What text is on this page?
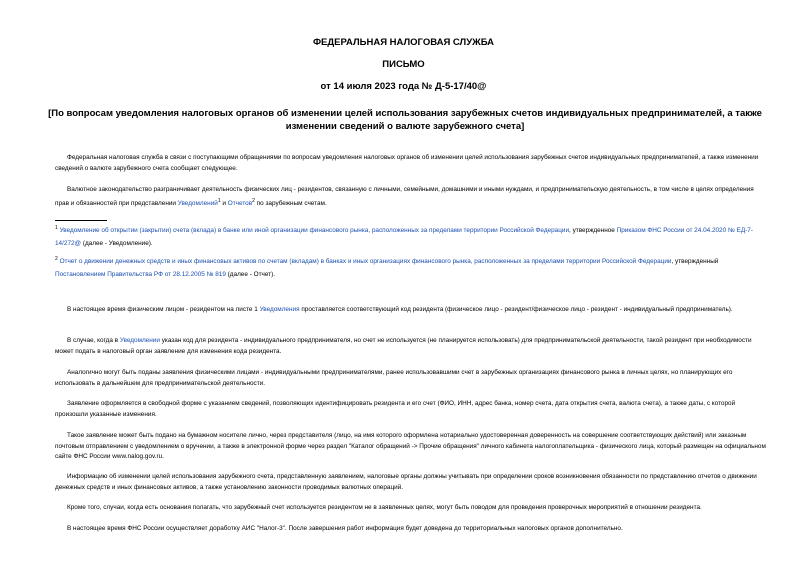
ФЕДЕРАЛЬНАЯ НАЛОГОВАЯ СЛУЖБА
ПИСЬМО
от 14 июля 2023 года № Д-5-17/40@
[По вопросам уведомления налоговых органов об изменении целей использования зарубежных счетов индивидуальных предпринимателей, а также изменении сведений о валюте зарубежного счета]
Федеральная налоговая служба в связи с поступающими обращениями по вопросам уведомления налоговых органов об изменении целей использования зарубежных счетов индивидуальных предпринимателей, а также изменении сведений о валюте зарубежного счета сообщает следующее.
Валютное законодательство разграничивает деятельность физических лиц - резидентов, связанную с личными, семейными, домашними и иными нуждами, и предпринимательскую деятельность, в том числе в целях определения прав и обязанностей при представлении Уведомлений$^1$ и Отчетов$^2$ по зарубежным счетам.
$^1$ Уведомление об открытии (закрытии) счета (вклада) в банке или иной организации финансового рынка, расположенных за пределами территории Российской Федерации, утвержденное Приказом ФНС России от 24.04.2020 № ЕД-7-14/272@ (далее - Уведомление).
$^2$ Отчет о движении денежных средств и иных финансовых активов по счетам (вкладам) в банках и иных организациях финансового рынка, расположенных за пределами территории Российской Федерации, утвержденный Постановлением Правительства РФ от 28.12.2005 № 819 (далее - Отчет).
В настоящее время физическим лицом - резидентом на листе 1 Уведомления проставляется соответствующий код резидента (физическое лицо - резидент/физическое лицо - резидент - индивидуальный предприниматель).
В случае, когда в Уведомлении указан код для резидента - индивидуального предпринимателя, но счет не используется (не планируется использовать) для предпринимательской деятельности, такой резидент при необходимости может подать в налоговый орган заявление для изменения кода резидента.
Аналогично могут быть поданы заявления физическими лицами - индивидуальными предпринимателями, ранее использовавшими счет в зарубежных организациях финансового рынка в личных целях, но планирующих его использовать в дальнейшем для предпринимательской деятельности.
Заявление оформляется в свободной форме с указанием сведений, позволяющих идентифицировать резидента и его счет (ФИО, ИНН, адрес банка, номер счета, дата открытия счета, валюта счета), а также даты, с которой произошли указанные изменения.
Такое заявление может быть подано на бумажном носителе лично, через представителя (лицо, на имя которого оформлена нотариально удостоверенная доверенность на совершение соответствующих действий) или заказным почтовым отправлением с уведомлением о вручении, а также в электронной форме через раздел "Каталог обращений -> Прочие обращения" личного кабинета налогоплательщика - физического лица, который размещен на официальном сайте ФНС России www.nalog.gov.ru.
Информацию об изменении целей использования зарубежного счета, представленную заявлением, налоговые органы должны учитывать при определении сроков возникновения обязанности по представлению отчетов о движении денежных средств и иных финансовых активов, а также установлению законности проводимых валютных операций.
Кроме того, случаи, когда есть основания полагать, что зарубежный счет используется резидентом не в заявленных целях, могут быть поводом для проведения проверочных мероприятий в отношении резидента.
В настоящее время ФНС России осуществляет доработку АИС "Налог-3". После завершения работ информация будет доведена до территориальных налоговых органов дополнительно.
